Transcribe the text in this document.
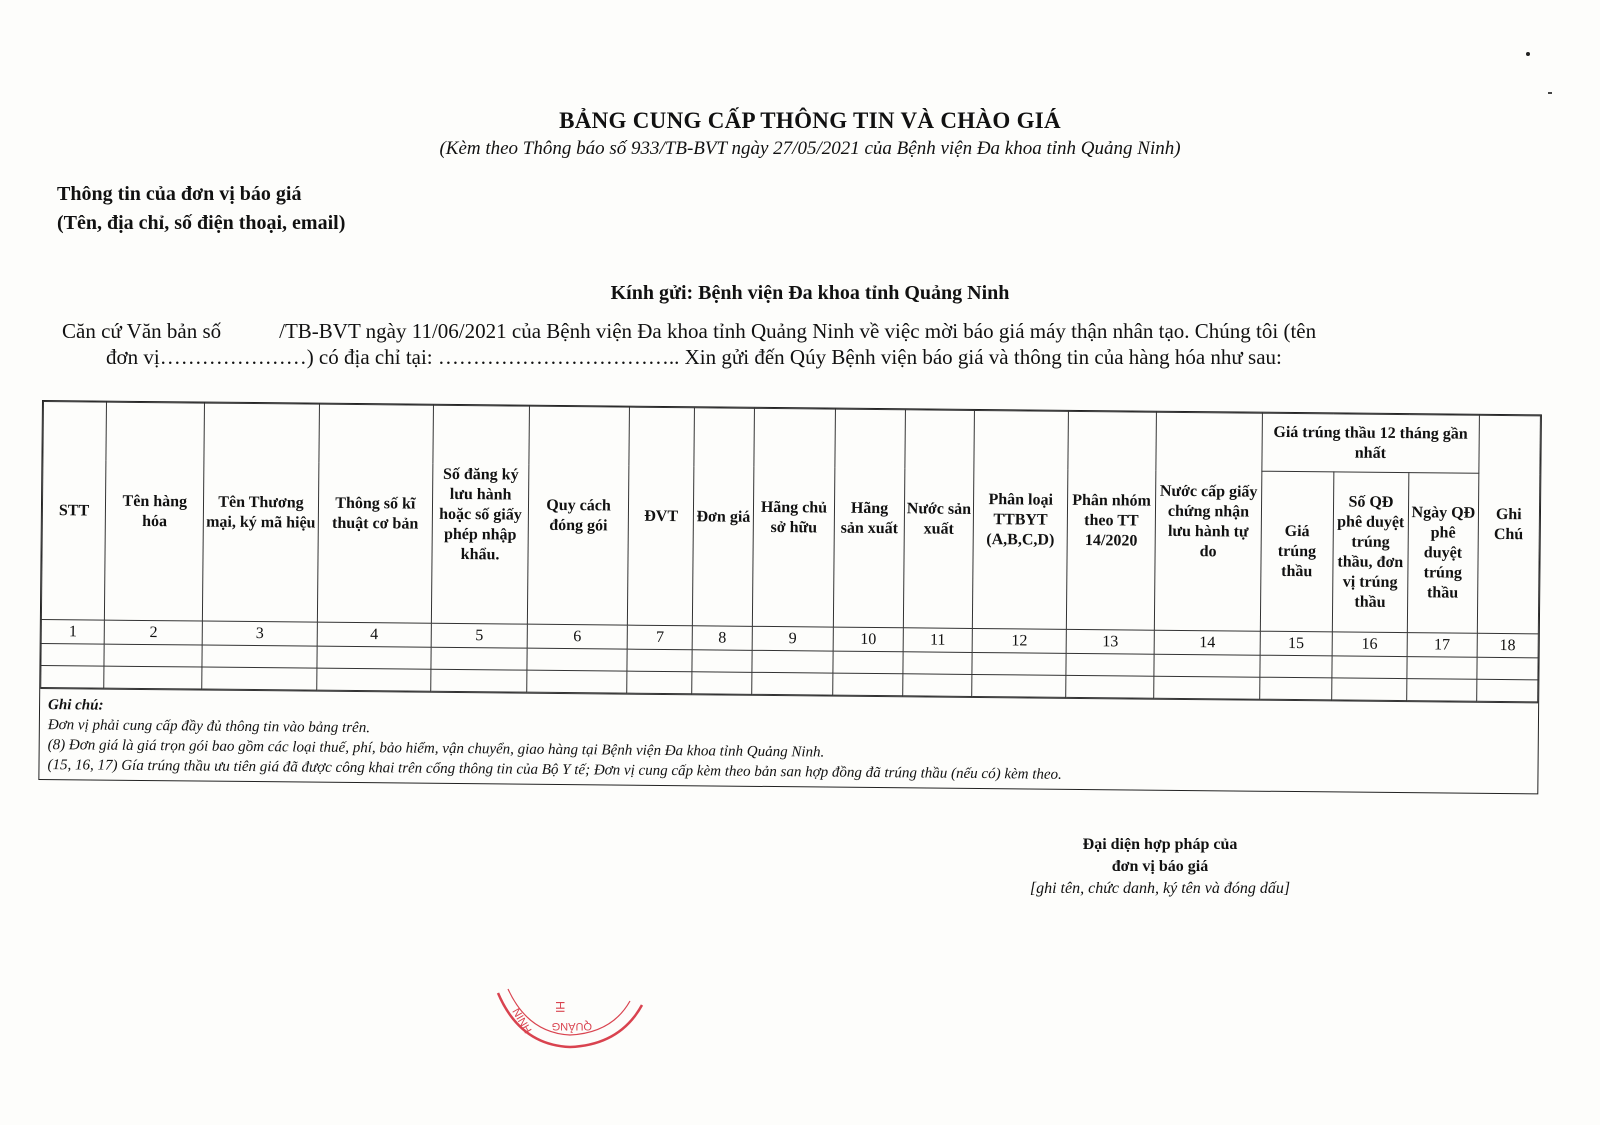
BẢNG CUNG CẤP THÔNG TIN VÀ CHÀO GIÁ
(Kèm theo Thông báo số 933/TB-BVT ngày 27/05/2021 của Bệnh viện Đa khoa tỉnh Quảng Ninh)
Thông tin của đơn vị báo giá
(Tên, địa chỉ, số điện thoại, email)
Kính gửi: Bệnh viện Đa khoa tỉnh Quảng Ninh
Căn cứ Văn bản số	/TB-BVT ngày 11/06/2021 của Bệnh viện Đa khoa tỉnh Quảng Ninh về việc mời báo giá máy thận nhân tạo. Chúng tôi (tên
đơn vị…………………) có địa chỉ tại: …………………………….. Xin gửi đến Qúy Bệnh viện báo giá và thông tin của hàng hóa như sau:
STT	Tên hàng hóa	Tên Thương mại, ký mã hiệu	Thông số kĩ thuật cơ bản	Số đăng ký lưu hành hoặc số giấy phép nhập khẩu.	Quy cách đóng gói	ĐVT	Đơn giá	Hãng chủ sở hữu	Hãng sản xuất	Nước sản xuất	Phân loại TTBYT (A,B,C,D)	Phân nhóm theo TT 14/2020	Nước cấp giấy chứng nhận lưu hành tự do	Giá trúng thầu 12 tháng gần nhất			Ghi Chú
														Giá trúng thầu	Số QĐ phê duyệt trúng thầu, đơn vị trúng thầu	Ngày QĐ phê duyệt trúng thầu	
1	2	3	4	5	6	7	8	9	10	11	12	13	14	15	16	17	18

Ghi chú:
Đơn vị phải cung cấp đầy đủ thông tin vào bảng trên.
(8) Đơn giá là giá trọn gói bao gồm các loại thuế, phí, bảo hiểm, vận chuyển, giao hàng tại Bệnh viện Đa khoa tỉnh Quảng Ninh.
(15, 16, 17) Gía trúng thầu ưu tiên giá đã được công khai trên cổng thông tin của Bộ Y tế; Đơn vị cung cấp kèm theo bản san hợp đồng đã trúng thầu (nếu có) kèm theo.
Đại diện hợp pháp của
đơn vị báo giá
[ghi tên, chức danh, ký tên và đóng dấu]
NINH QUẢNG
HI
